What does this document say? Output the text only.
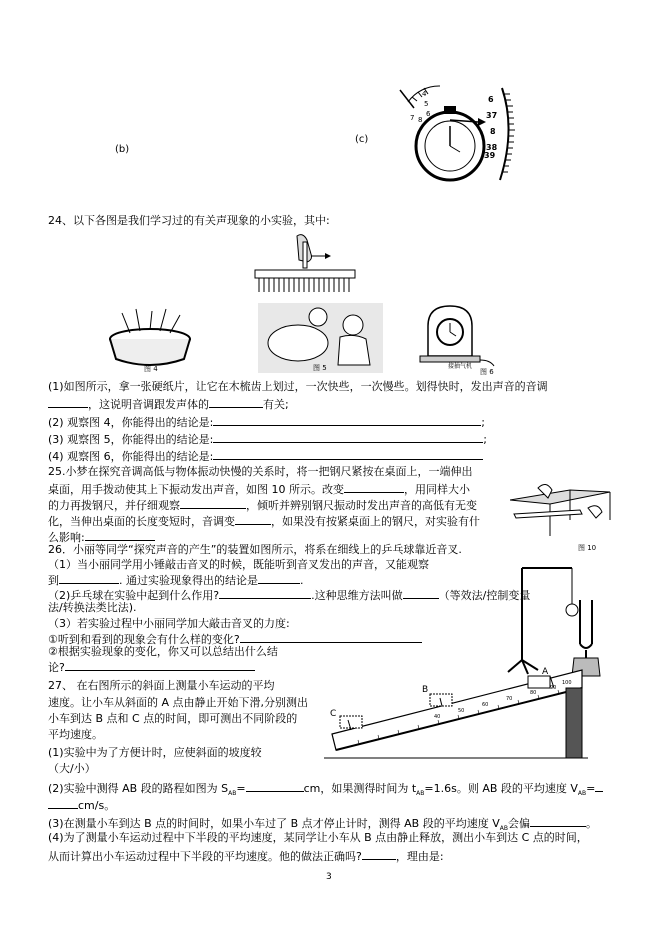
(b)
(c)
4
5
6
7 8
6
37
8
38
39
24、以下各图是我们学习过的有关声现象的小实验，其中:
图 4	图 5	接抽气机
图 6
(1)如图所示，拿一张硬纸片，让它在木梳齿上划过，一次快些，一次慢些。划得快时，发出声音的音调
，这说明音调跟发声体的	有关;
(2) 观察图 4，你能得出的结论是:	;
(3) 观察图 5，你能得出的结论是:	;
(4) 观察图 6，你能得出的结论是:
25.小梦在探究音调高低与物体振动快慢的关系时，将一把钢尺紧按在桌面上，一端伸出
桌面，用手拨动使其上下振动发出声音，如图 10 所示。改变	，用同样大小
的力再拨钢尺，并仔细观察	，倾听并辨别钢尺振动时发出声音的高低有无变
化，当伸出桌面的长度变短时，音调变	，如果没有按紧桌面上的钢尺，对实验有什
么影响:
图 10
26．小丽等同学“探究声音的产生”的装置如图所示，将系在细线上的乒乓球靠近音叉.
（1）当小丽同学用小锤敲击音叉的时候，既能听到音叉发出的声音，又能观察
到	. 通过实验现象得出的结论是	.
（2)乒乓球在实验中起到什么作用?	.这种思维方法叫做	（等效法/控制变量
法/转换法类比法).
（3）若实验过程中小丽同学加大敲击音叉的力度:
①听到和看到的现象会有什么样的变化?
②根据实验现象的变化，你又可以总结出什么结
论?
27、 在右图所示的斜面上测量小车运动的平均
速度。让小车从斜面的 A 点由静止开始下滑,分别测出
小车到达 B 点和 C 点的时间，即可测出不同阶段的
平均速度。
(1)实验中为了方便计时，应使斜面的坡度较
（大/小）
C
B
A
40
50
60
70
80
90
100
(2)实验中测得 AB 段的路程如图为 $S_{AB}=$	cm，如果测得时间为 $t_{AB}=1.6s$。则 AB 段的平均速度 $V_{AB}=$
cm/s。
(3)在测量小车到达 B 点的时间时，如果小车过了 B 点才停止计时，测得 AB 段的平均速度 $V_{AB}$会偏	。
(4)为了测量小车运动过程中下半段的平均速度，某同学让小车从 B 点由静止释放，测出小车到达 C 点的时间，
从而计算出小车运动过程中下半段的平均速度。他的做法正确吗?	，理由是:
3
